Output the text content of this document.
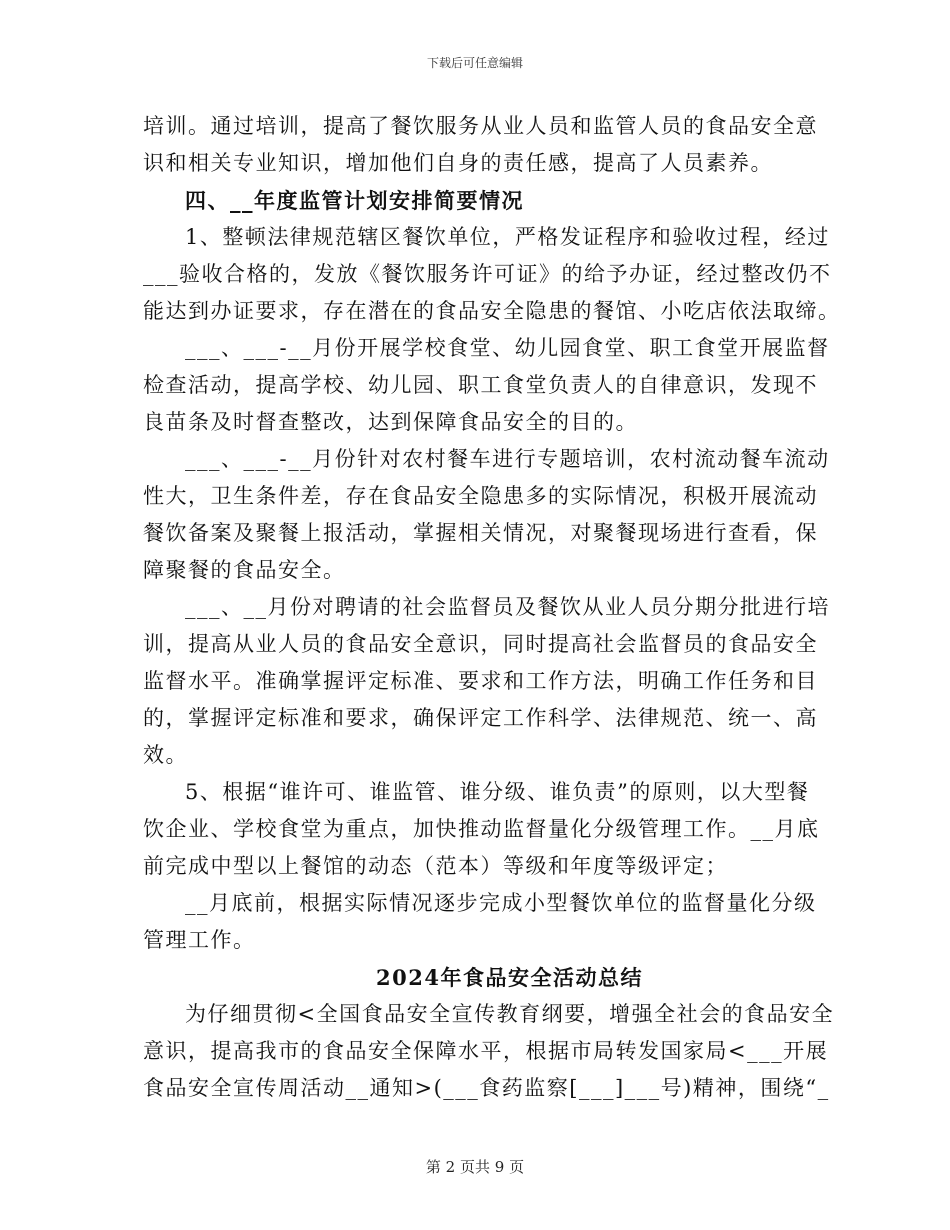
下载后可任意编辑
培训。通过培训，提高了餐饮服务从业人员和监管人员的食品安全意
识和相关专业知识，增加他们自身的责任感，提高了人员素养。
四、__年度监管计划安排简要情况
1、整顿法律规范辖区餐饮单位，严格发证程序和验收过程，经过
___验收合格的，发放《餐饮服务许可证》的给予办证，经过整改仍不
能达到办证要求，存在潜在的食品安全隐患的餐馆、小吃店依法取缔。
___、___-__月份开展学校食堂、幼儿园食堂、职工食堂开展监督
检查活动，提高学校、幼儿园、职工食堂负责人的自律意识，发现不
良苗条及时督查整改，达到保障食品安全的目的。
___、___-__月份针对农村餐车进行专题培训，农村流动餐车流动
性大，卫生条件差，存在食品安全隐患多的实际情况，积极开展流动
餐饮备案及聚餐上报活动，掌握相关情况，对聚餐现场进行查看，保
障聚餐的食品安全。
___、__月份对聘请的社会监督员及餐饮从业人员分期分批进行培
训，提高从业人员的食品安全意识，同时提高社会监督员的食品安全
监督水平。准确掌握评定标准、要求和工作方法，明确工作任务和目
的，掌握评定标准和要求，确保评定工作科学、法律规范、统一、高
效。
5、根据“谁许可、谁监管、谁分级、谁负责”的原则，以大型餐
饮企业、学校食堂为重点，加快推动监督量化分级管理工作。__月底
前完成中型以上餐馆的动态（范本）等级和年度等级评定；
__月底前，根据实际情况逐步完成小型餐饮单位的监督量化分级
管理工作。
2024年食品安全活动总结
为仔细贯彻<全国食品安全宣传教育纲要，增强全社会的食品安全
意识，提高我市的食品安全保障水平，根据市局转发国家局<___开展
食品安全宣传周活动__通知>(___食药监察[___]___号)精神，围绕“_
第 2 页共 9 页
